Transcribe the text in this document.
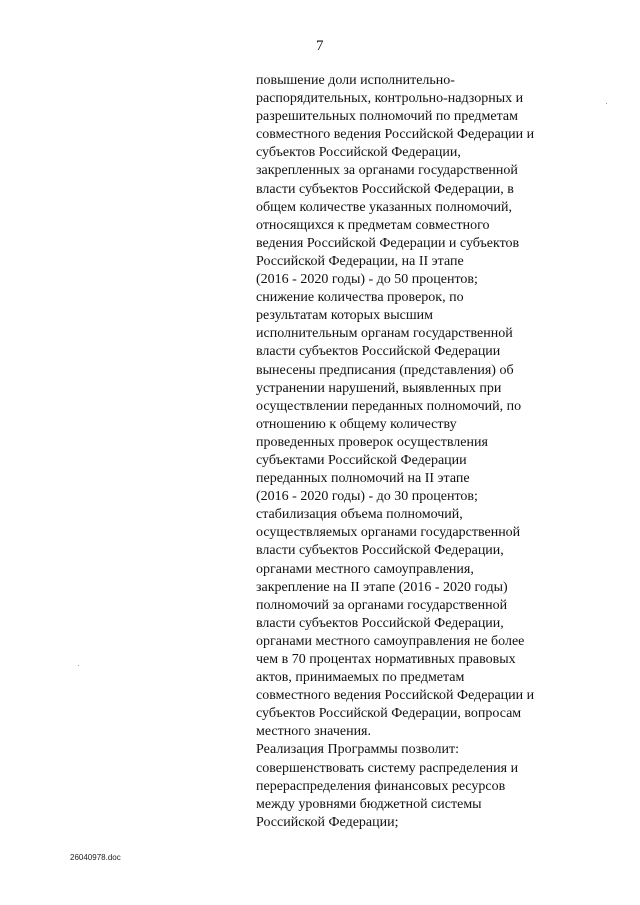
7
повышение доли исполнительно-
распорядительных, контрольно-надзорных и
разрешительных полномочий по предметам
совместного ведения Российской Федерации и
субъектов Российской Федерации,
закрепленных за органами государственной
власти субъектов Российской Федерации, в
общем количестве указанных полномочий,
относящихся к предметам совместного
ведения Российской Федерации и субъектов
Российской Федерации, на II этапе
(2016 - 2020 годы) - до 50 процентов;
снижение количества проверок, по
результатам которых высшим
исполнительным органам государственной
власти субъектов Российской Федерации
вынесены предписания (представления) об
устранении нарушений, выявленных при
осуществлении переданных полномочий, по
отношению к общему количеству
проведенных проверок осуществления
субъектами Российской Федерации
переданных полномочий на II этапе
(2016 - 2020 годы) - до 30 процентов;
стабилизация объема полномочий,
осуществляемых органами государственной
власти субъектов Российской Федерации,
органами местного самоуправления,
закрепление на II этапе (2016 - 2020 годы)
полномочий за органами государственной
власти субъектов Российской Федерации,
органами местного самоуправления не более
чем в 70 процентах нормативных правовых
актов, принимаемых по предметам
совместного ведения Российской Федерации и
субъектов Российской Федерации, вопросам
местного значения.
Реализация Программы позволит:
совершенствовать систему распределения и
перераспределения финансовых ресурсов
между уровнями бюджетной системы
Российской Федерации;
26040978.doc
